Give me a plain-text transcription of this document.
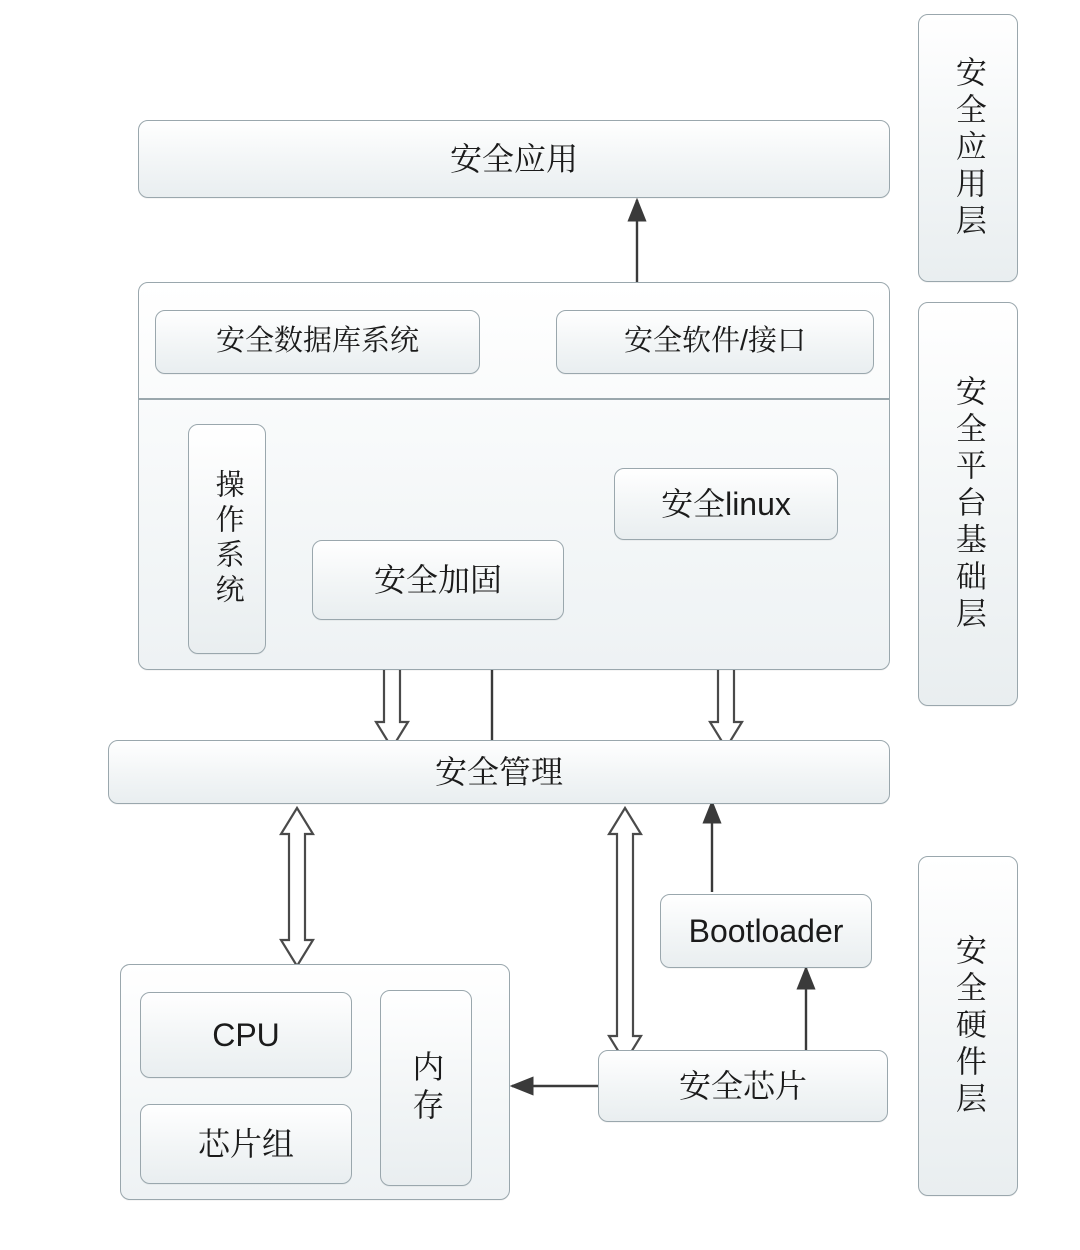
安全应用
安全数据库系统	安全软件/接口
操作系统	安全加固
安全linux
安全管理
Bootloader
安全芯片
CPU
芯片组
内存
安全应用层
安全平台基础层
安全硬件层
